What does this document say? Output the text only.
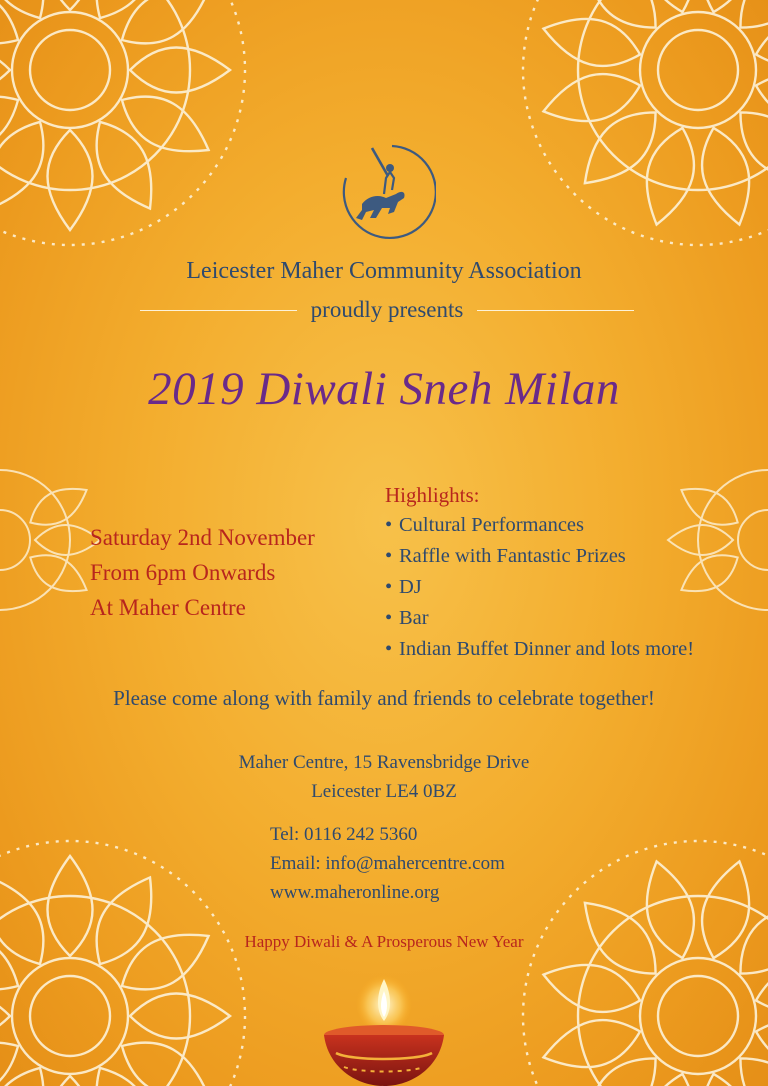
Leicester Maher Community Association
proudly presents
2019 Diwali Sneh Milan
Saturday 2nd November
From 6pm Onwards
At Maher Centre
Highlights:
• Cultural Performances
• Raffle with Fantastic Prizes
• DJ
• Bar
• Indian Buffet Dinner and lots more!
Please come along with family and friends to celebrate together!
Maher Centre, 15 Ravensbridge Drive
Leicester LE4 0BZ
Tel: 0116 242 5360
Email: info@mahercentre.com
www.maheronline.org
Happy Diwali & A Prosperous New Year
